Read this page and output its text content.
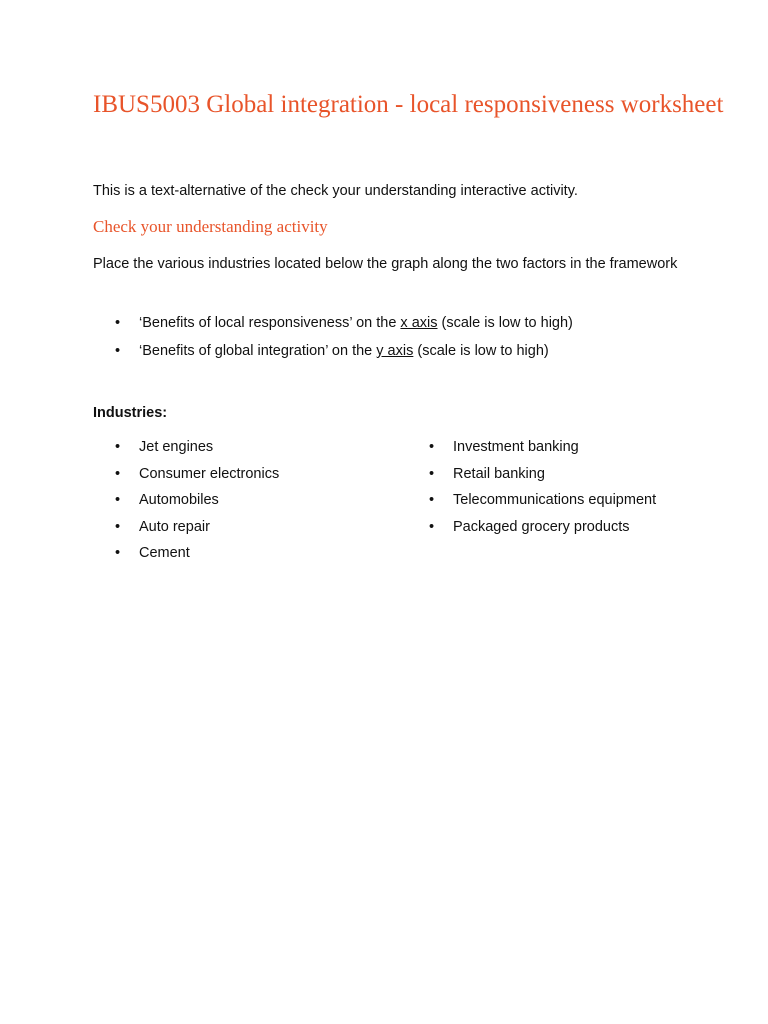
IBUS5003 Global integration - local responsiveness worksheet

This is a text-alternative of the check your understanding interactive activity.

Check your understanding activity

Place the various industries located below the graph along the two factors in the framework

• ‘Benefits of local responsiveness’ on the x axis (scale is low to high)
• ‘Benefits of global integration’ on the y axis (scale is low to high)
Industries:
• Jet engines
• Consumer electronics
• Automobiles
• Auto repair
• Cement
• Investment banking
• Retail banking
• Telecommunications equipment
• Packaged grocery products
